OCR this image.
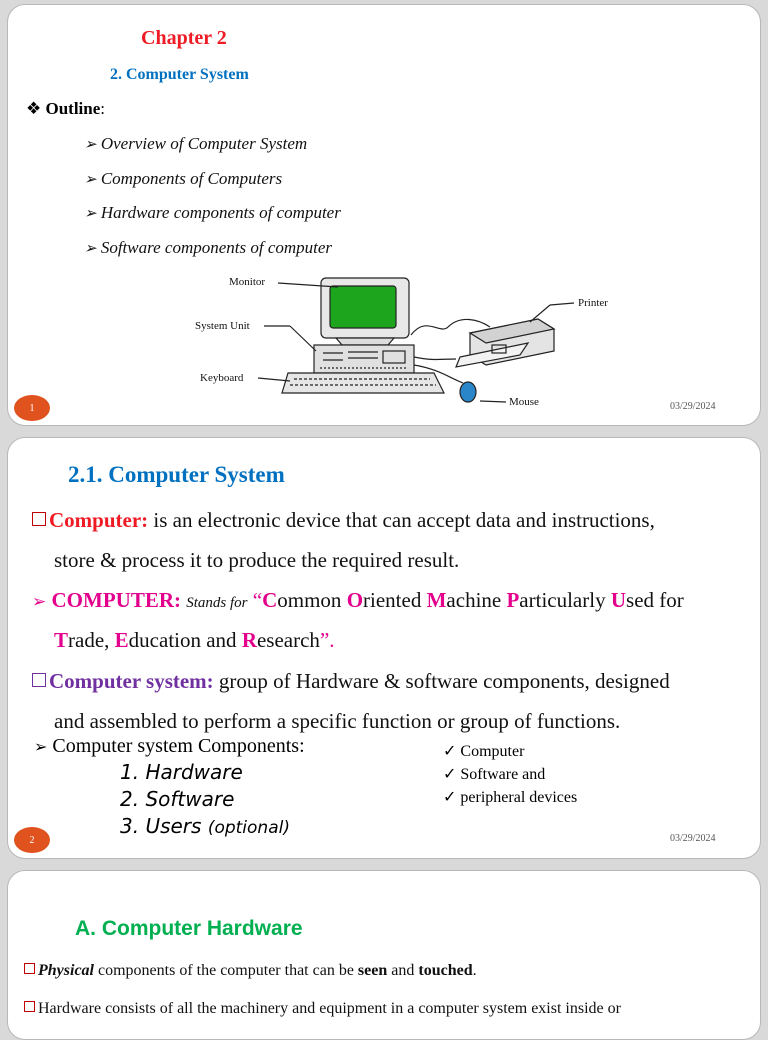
Chapter 2
2. Computer System
❖ Outline:
➢ Overview of Computer System
➢ Components of Computers
➢ Hardware components of computer
➢ Software components of computer
Monitor
System Unit
Keyboard
Printer
Mouse
1	03/29/2024
2.1. Computer System
Computer: is an electronic device that can accept data and instructions,
store & process it to produce the required result.
➢ COMPUTER: Stands for “Common Oriented Machine Particularly Used for
Trade, Education and Research”.
Computer system: group of Hardware & software components, designed
and assembled to perform a specific function or group of functions.
➢ Computer system Components:
1. Hardware
2. Software
3. Users (optional)
✓ Computer
✓ Software and
✓ peripheral devices
2	03/29/2024
A. Computer Hardware
Physical components of the computer that can be seen and touched.
Hardware consists of all the machinery and equipment in a computer system exist inside or
